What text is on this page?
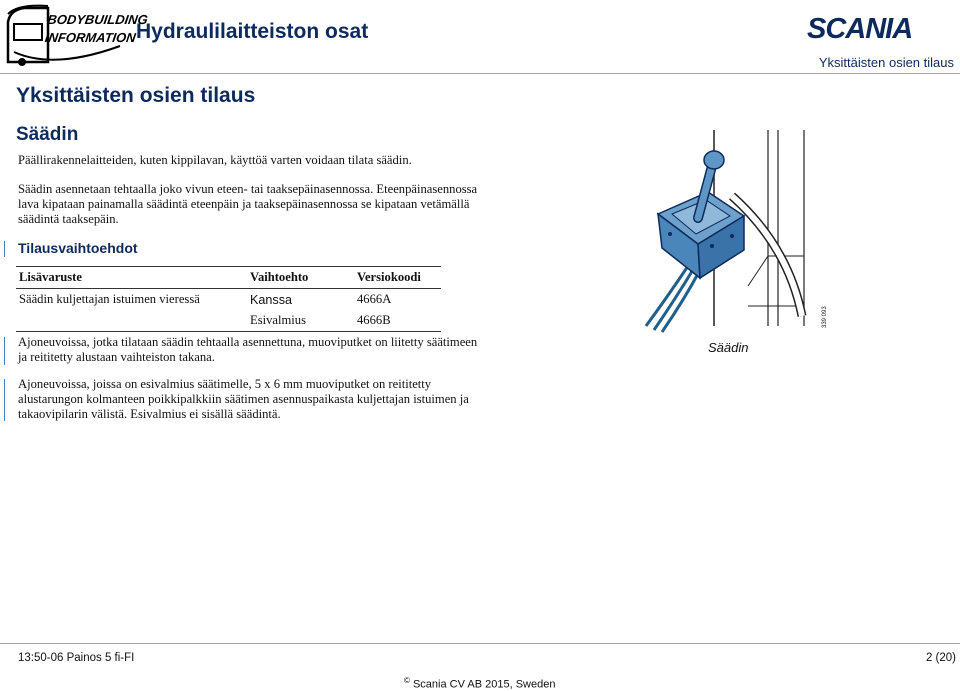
BODYBUILDING
INFORMATION Hydraulilaitteiston osat	SCANIA
Yksittäisten osien tilaus
Yksittäisten osien tilaus
Säädin
Päällirakennelaitteiden, kuten kippilavan, käyttöä varten voidaan tilata säädin.
Säädin asennetaan tehtaalla joko vivun eteen- tai taaksepäinasennossa. Eteenpäinasennossa lava kipataan painamalla säädintä eteenpäin ja taaksepäinasennossa se kipataan vetämällä säädintä taaksepäin.
Tilausvaihtoehdot
Lisävaruste	Vaihtoehto	Versiokoodi
Säädin kuljettajan istuimen vieressä	Kanssa	4666A
	Esivalmius	4666B
Ajoneuvoissa, jotka tilataan säädin tehtaalla asennettuna, muoviputket on liitetty säätimeen ja reititetty alustaan vaihteiston takana.
Ajoneuvoissa, joissa on esivalmius säätimelle, 5 x 6 mm muoviputket on reititetty alustarungon kolmanteen poikkipalkkiin säätimen asennuspaikasta kuljettajan istuimen ja takaovipilarin välistä. Esivalmius ei sisällä säädintä.
339 093
Säädin
13:50-06 Painos 5 fi-FI	2 (20)
© Scania CV AB 2015, Sweden
